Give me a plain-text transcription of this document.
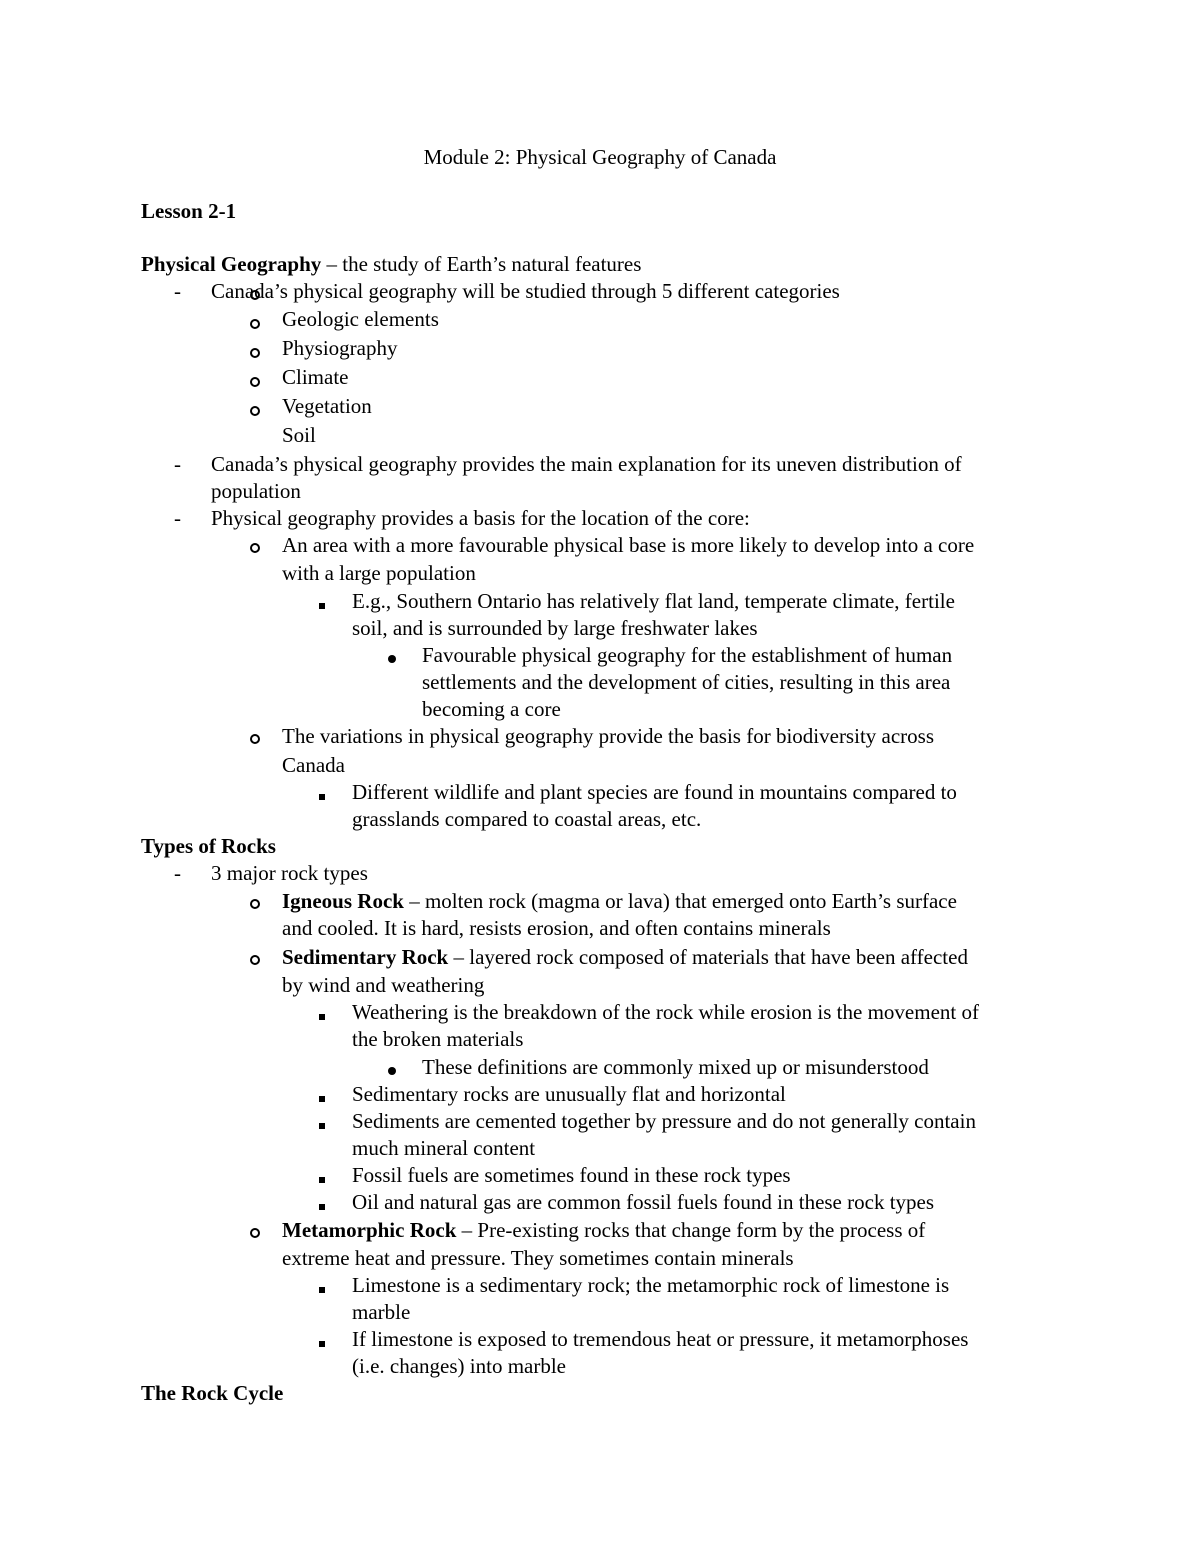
Module 2: Physical Geography of Canada
Lesson 2-1
Physical Geography – the study of Earth’s natural features
- Canada’s physical geography will be studied through 5 different categories
Geologic elements
Physiography
Climate
Vegetation
Soil
- Canada’s physical geography provides the main explanation for its uneven distribution of
population
- Physical geography provides a basis for the location of the core:
An area with a more favourable physical base is more likely to develop into a core
with a large population
E.g., Southern Ontario has relatively flat land, temperate climate, fertile
soil, and is surrounded by large freshwater lakes
Favourable physical geography for the establishment of human
settlements and the development of cities, resulting in this area
becoming a core
The variations in physical geography provide the basis for biodiversity across
Canada
Different wildlife and plant species are found in mountains compared to
grasslands compared to coastal areas, etc.
Types of Rocks
- 3 major rock types
Igneous Rock – molten rock (magma or lava) that emerged onto Earth’s surface
and cooled. It is hard, resists erosion, and often contains minerals
Sedimentary Rock – layered rock composed of materials that have been affected
by wind and weathering
Weathering is the breakdown of the rock while erosion is the movement of
the broken materials
These definitions are commonly mixed up or misunderstood
Sedimentary rocks are unusually flat and horizontal
Sediments are cemented together by pressure and do not generally contain
much mineral content
Fossil fuels are sometimes found in these rock types
Oil and natural gas are common fossil fuels found in these rock types
Metamorphic Rock – Pre-existing rocks that change form by the process of
extreme heat and pressure. They sometimes contain minerals
Limestone is a sedimentary rock; the metamorphic rock of limestone is
marble
If limestone is exposed to tremendous heat or pressure, it metamorphoses
(i.e. changes) into marble
The Rock Cycle
